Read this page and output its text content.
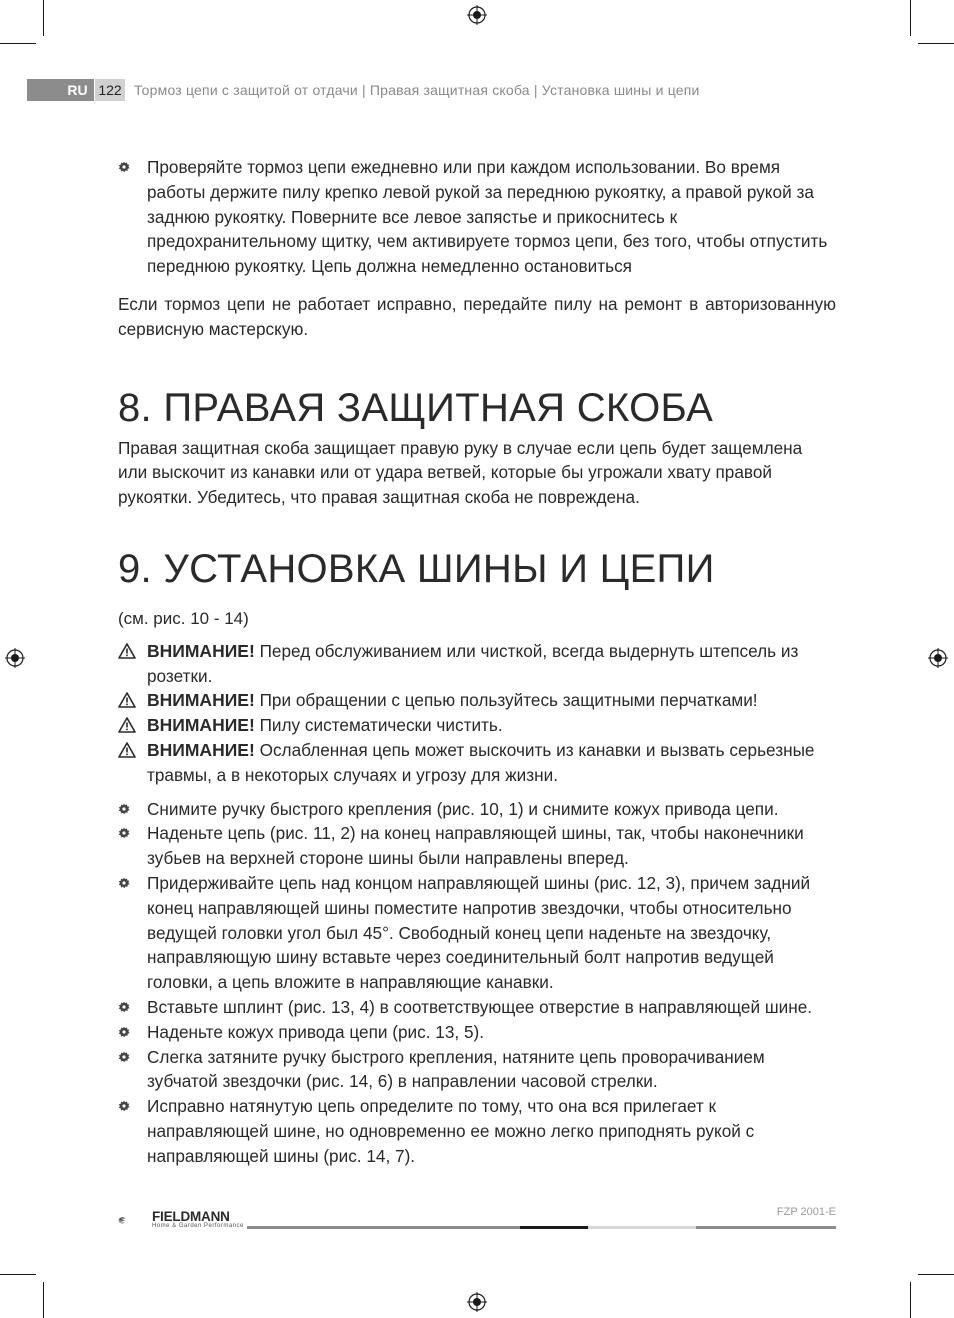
RU 122 Тормоз цепи с защитой от отдачи | Правая защитная скоба | Установка шины и цепи
Проверяйте тормоз цепи ежедневно или при каждом использовании. Во время работы держите пилу крепко левой рукой за переднюю рукоятку, а правой рукой за заднюю рукоятку. Поверните все левое запястье и прикоснитесь к предохранительному щитку, чем активируете тормоз цепи, без того, чтобы отпустить переднюю рукоятку. Цепь должна немедленно остановиться
Если тормоз цепи не работает исправно, передайте пилу на ремонт в авторизованную сервисную мастерскую.
8. ПРАВАЯ ЗАЩИТНАЯ СКОБА
Правая защитная скоба защищает правую руку в случае если цепь будет защемлена или выскочит из канавки или от удара ветвей, которые бы угрожали хвату правой рукоятки. Убедитесь, что правая защитная скоба не повреждена.
9. УСТАНОВКА ШИНЫ И ЦЕПИ
(см. рис. 10 - 14)
ВНИМАНИЕ! Перед обслуживанием или чисткой, всегда выдернуть штепсель из розетки.
ВНИМАНИЕ! При обращении с цепью пользуйтесь защитными перчатками!
ВНИМАНИЕ! Пилу систематически чистить.
ВНИМАНИЕ! Ослабленная цепь может выскочить из канавки и вызвать серьезные травмы, а в некоторых случаях и угрозу для жизни.
Снимите ручку быстрого крепления (рис. 10, 1) и снимите кожух привода цепи.
Наденьте цепь (рис. 11, 2) на конец направляющей шины, так, чтобы наконечники зубьев на верхней стороне шины были направлены вперед.
Придерживайте цепь над концом направляющей шины (рис. 12, 3), причем задний конец направляющей шины поместите напротив звездочки, чтобы относительно ведущей головки угол был 45°. Свободный конец цепи наденьте на звездочку, направляющую шину вставьте через соединительный болт напротив ведущей головки, а цепь вложите в направляющие канавки.
Вставьте шплинт (рис. 13, 4) в соответствующее отверстие в направляющей шине.
Наденьте кожух привода цепи (рис. 13, 5).
Слегка затяните ручку быстрого крепления, натяните цепь проворачиванием зубчатой звездочки (рис. 14, 6) в направлении часовой стрелки.
Исправно натянутую цепь определите по тому, что она вся прилегает к направляющей шине, но одновременно ее можно легко приподнять рукой с направляющей шины (рис. 14, 7).
FIELDMANN
Home & Garden Performance
FZP 2001-E
